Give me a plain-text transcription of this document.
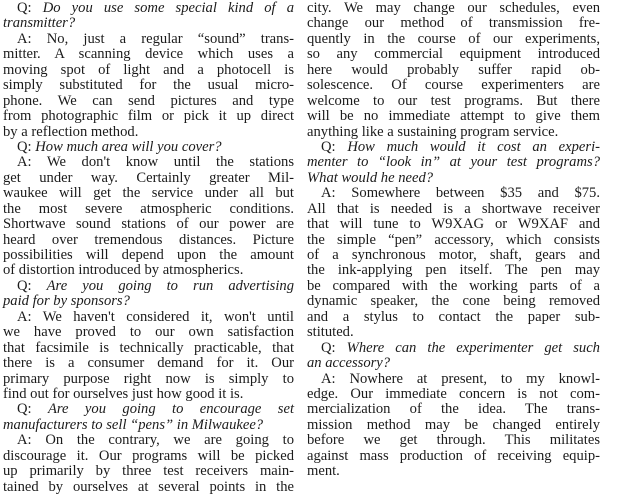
Q: Do you use some special kind of a
transmitter?
A: No, just a regular “sound” trans-
mitter. A scanning device which uses a
moving spot of light and a photocell is
simply substituted for the usual micro-
phone. We can send pictures and type
from photographic film or pick it up direct
by a reflection method.
Q: How much area will you cover?
A: We don't know until the stations
get under way. Certainly greater Mil-
waukee will get the service under all but
the most severe atmospheric conditions.
Shortwave sound stations of our power are
heard over tremendous distances. Picture
possibilities will depend upon the amount
of distortion introduced by atmospherics.
Q: Are you going to run advertising
paid for by sponsors?
A: We haven't considered it, won't until
we have proved to our own satisfaction
that facsimile is technically practicable, that
there is a consumer demand for it. Our
primary purpose right now is simply to
find out for ourselves just how good it is.
Q: Are you going to encourage set
manufacturers to sell “pens” in Milwaukee?
A: On the contrary, we are going to
discourage it. Our programs will be picked
up primarily by three test receivers main-
tained by ourselves at several points in the
city. We may change our schedules, even
change our method of transmission fre-
quently in the course of our experiments,
so any commercial equipment introduced
here would probably suffer rapid ob-
solescence. Of course experimenters are
welcome to our test programs. But there
will be no immediate attempt to give them
anything like a sustaining program service.
Q: How much would it cost an experi-
menter to “look in” at your test programs?
What would he need?
A: Somewhere between $35 and $75.
All that is needed is a shortwave receiver
that will tune to W9XAG or W9XAF and
the simple “pen” accessory, which consists
of a synchronous motor, shaft, gears and
the ink-applying pen itself. The pen may
be compared with the working parts of a
dynamic speaker, the cone being removed
and a stylus to contact the paper sub-
stituted.
Q: Where can the experimenter get such
an accessory?
A: Nowhere at present, to my knowl-
edge. Our immediate concern is not com-
mercialization of the idea. The trans-
mission method may be changed entirely
before we get through. This militates
against mass production of receiving equip-
ment.
